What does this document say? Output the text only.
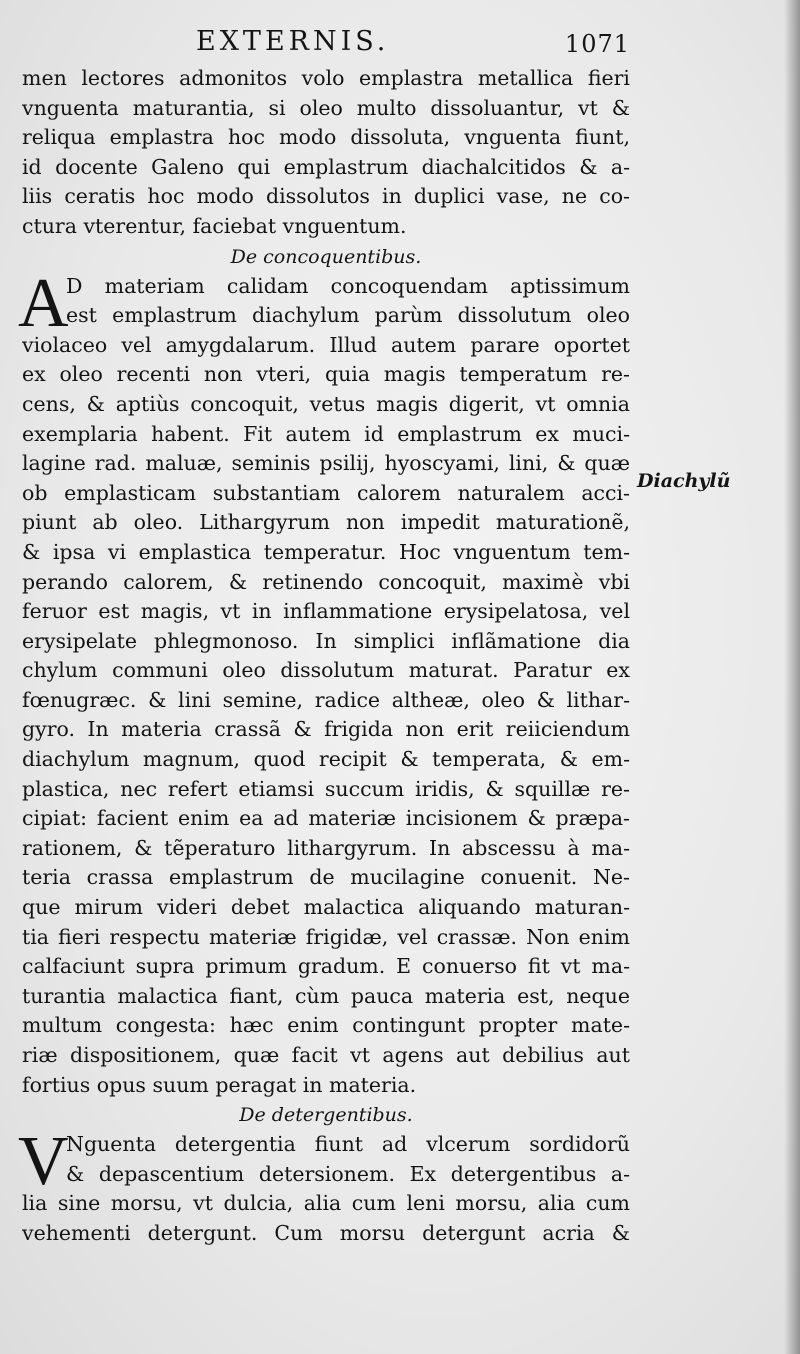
EXTERNIS.	1071
men lectores admonitos volo emplastra metallica fieri
vnguenta maturantia, si oleo multo dissoluantur, vt &
reliqua emplastra hoc modo dissoluta, vnguenta fiunt,
id docente Galeno qui emplastrum diachalcitidos & a-
liis ceratis hoc modo dissolutos in duplici vase, ne co-
ctura vterentur, faciebat vnguentum.
De concoquentibus.
A
D materiam calidam concoquendam aptissimum
est emplastrum diachylum parùm dissolutum oleo
violaceo vel amygdalarum. Illud autem parare oportet
ex oleo recenti non vteri, quia magis temperatum re-
cens, & aptiùs concoquit, vetus magis digerit, vt omnia
exemplaria habent. Fit autem id emplastrum ex muci-
lagine rad. maluæ, seminis psilij, hyoscyami, lini, & quæ
ob emplasticam substantiam calorem naturalem acci-
piunt ab oleo. Lithargyrum non impedit maturationẽ,
& ipsa vi emplastica temperatur. Hoc vnguentum tem-
perando calorem, & retinendo concoquit, maximè vbi
feruor est magis, vt in inflammatione erysipelatosa, vel
erysipelate phlegmonoso. In simplici inflãmatione dia
chylum communi oleo dissolutum maturat. Paratur ex
fœnugræc. & lini semine, radice altheæ, oleo & lithar-
gyro. In materia crassã & frigida non erit reiiciendum
diachylum magnum, quod recipit & temperata, & em-
plastica, nec refert etiamsi succum iridis, & squillæ re-
cipiat: facient enim ea ad materiæ incisionem & præpa-
rationem, & tẽperaturo lithargyrum. In abscessu à ma-
teria crassa emplastrum de mucilagine conuenit. Ne-
que mirum videri debet malactica aliquando maturan-
tia fieri respectu materiæ frigidæ, vel crassæ. Non enim
calfaciunt supra primum gradum. E conuerso fit vt ma-
turantia malactica fiant, cùm pauca materia est, neque
multum congesta: hæc enim contingunt propter mate-
riæ dispositionem, quæ facit vt agens aut debilius aut
fortius opus suum peragat in materia.
De detergentibus.
V
Nguenta detergentia fiunt ad vlcerum sordidorũ
& depascentium detersionem. Ex detergentibus a-
lia sine morsu, vt dulcia, alia cum leni morsu, alia cum
vehementi detergunt. Cum morsu detergunt acria &
Diachylũ
